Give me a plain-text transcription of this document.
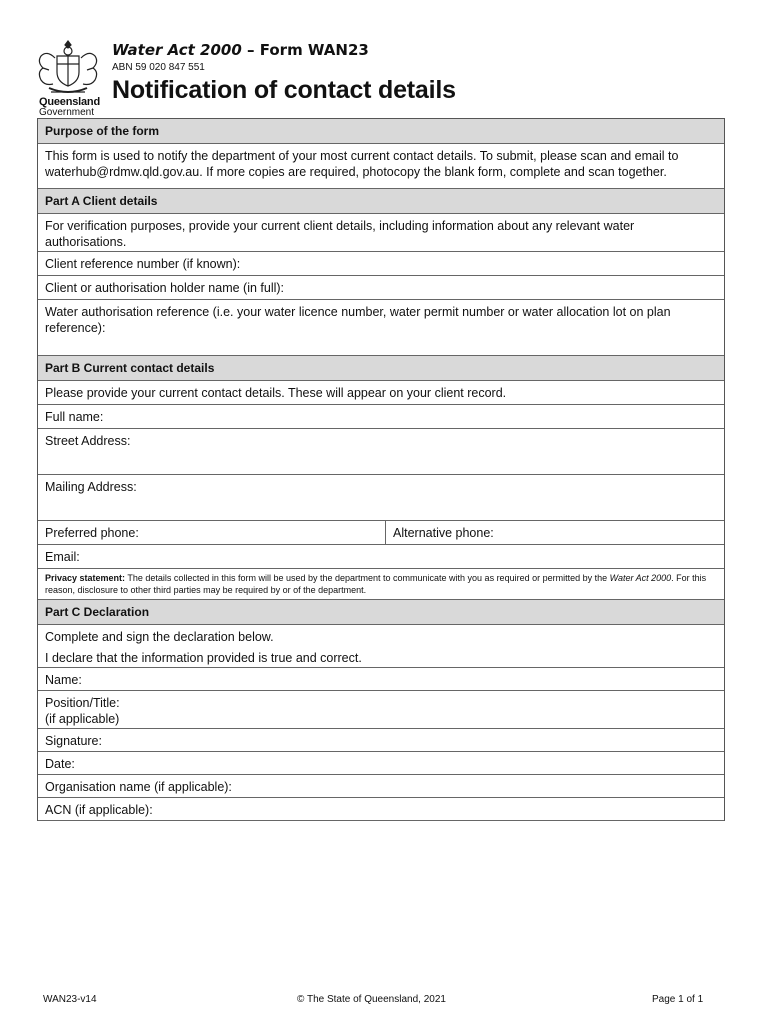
Queensland
Government
Water Act 2000 – Form WAN23
ABN 59 020 847 551
Notification of contact details
Purpose of the form
This form is used to notify the department of your most current contact details. To submit, please scan and email to waterhub@rdmw.qld.gov.au. If more copies are required, photocopy the blank form, complete and scan together.
Part A Client details
For verification purposes, provide your current client details, including information about any relevant water authorisations.
Client reference number (if known):
Client or authorisation holder name (in full):
Water authorisation reference (i.e. your water licence number, water permit number or water allocation lot on plan reference):
Part B Current contact details
Please provide your current contact details. These will appear on your client record.
Full name:
Street Address:
Mailing Address:
Preferred phone:	Alternative phone:
Email:
Privacy statement: The details collected in this form will be used by the department to communicate with you as required or permitted by the Water Act 2000. For this reason, disclosure to other third parties may be required by or of the department.
Part C Declaration
Complete and sign the declaration below.
I declare that the information provided is true and correct.
Name:
Position/Title:
(if applicable)
Signature:
Date:
Organisation name (if applicable):
ACN (if applicable):
WAN23-v14	© The State of Queensland, 2021	Page 1 of 1
